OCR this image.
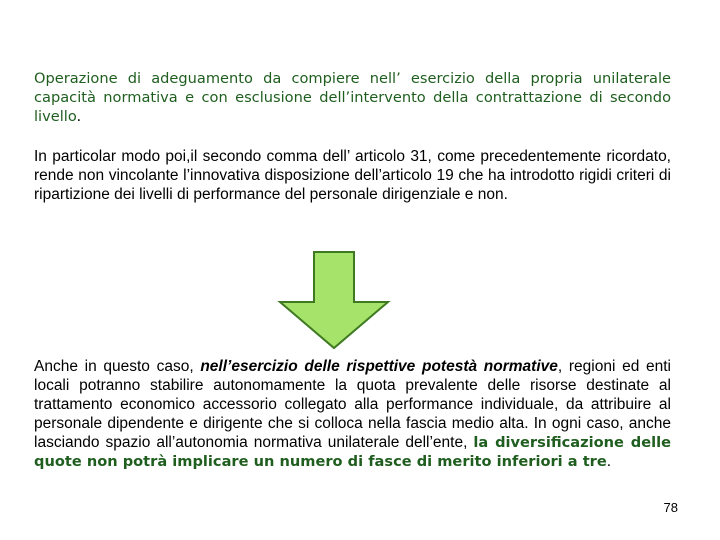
Operazione di adeguamento da compiere nell’ esercizio della propria unilaterale capacità normativa e con esclusione dell’intervento della contrattazione di secondo livello.

In particolar modo poi,il secondo comma dell’ articolo 31, come precedentemente ricordato, rende non vincolante l’innovativa disposizione dell’articolo 19 che ha introdotto rigidi criteri di ripartizione dei livelli di performance del personale dirigenziale e non.

Anche in questo caso, nell’esercizio delle rispettive potestà normative, regioni ed enti locali potranno stabilire autonomamente la quota prevalente delle risorse destinate al trattamento economico accessorio collegato alla performance individuale, da attribuire al personale dipendente e dirigente che si colloca nella fascia medio alta. In ogni caso, anche lasciando spazio all’autonomia normativa unilaterale dell’ente, la diversificazione delle quote non potrà implicare un numero di fasce di merito inferiori a tre.

78
